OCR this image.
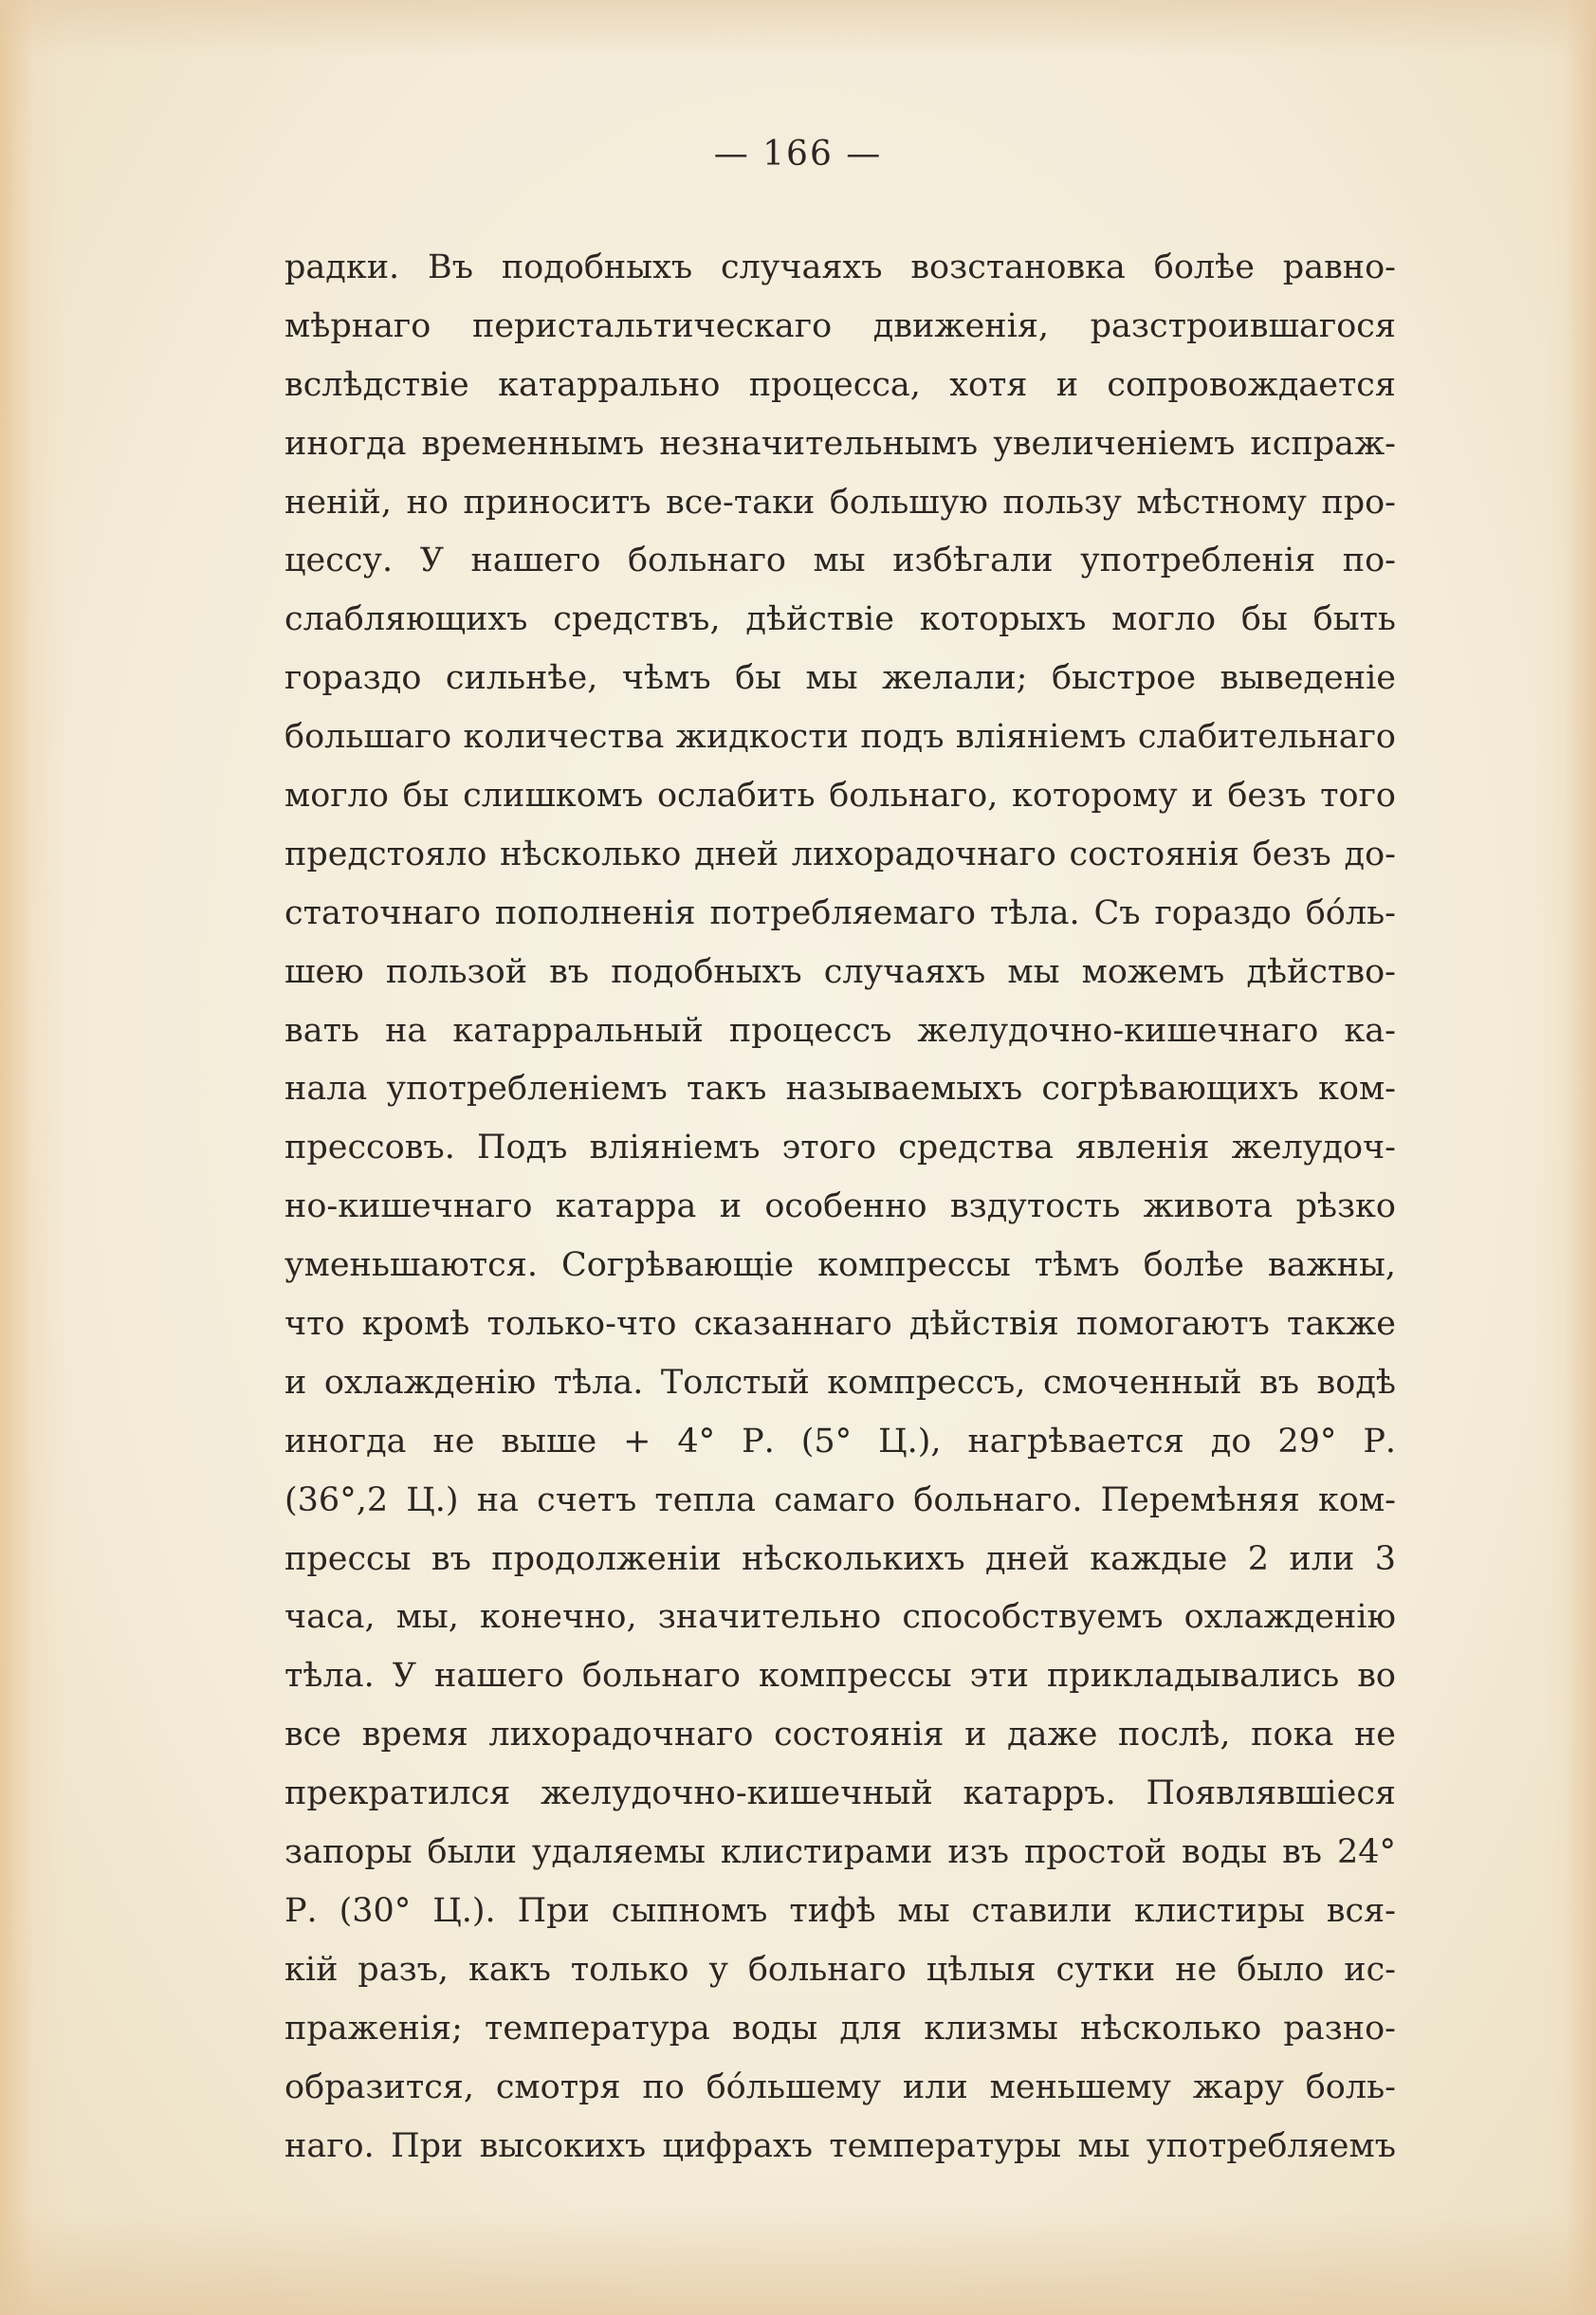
— 166 —
радки. Въ подобныхъ случаяхъ возстановка болѣе равно-
мѣрнаго перистальтическаго движенія, разстроившагося
вслѣдствіе катаррально процесса, хотя и сопровождается
иногда временнымъ незначительнымъ увеличеніемъ испраж-
неній, но приноситъ все-таки большую пользу мѣстному про-
цессу. У нашего больнаго мы избѣгали употребленія по-
слабляющихъ средствъ, дѣйствіе которыхъ могло бы быть
гораздо сильнѣе, чѣмъ бы мы желали; быстрое выведеніе
большаго количества жидкости подъ вліяніемъ слабительнаго
могло бы слишкомъ ослабить больнаго, которому и безъ того
предстояло нѣсколько дней лихорадочнаго состоянія безъ до-
статочнаго пополненія потребляемаго тѣла. Съ гораздо бóль-
шею пользой въ подобныхъ случаяхъ мы можемъ дѣйство-
вать на катарральный процессъ желудочно-кишечнаго ка-
нала употребленіемъ такъ называемыхъ согрѣвающихъ ком-
прессовъ. Подъ вліяніемъ этого средства явленія желудоч-
но-кишечнаго катарра и особенно вздутость живота рѣзко
уменьшаются. Согрѣвающіе компрессы тѣмъ болѣе важны,
что кромѣ только-что сказаннаго дѣйствія помогаютъ также
и охлажденію тѣла. Толстый компрессъ, смоченный въ водѣ
иногда не выше + 4° Р. (5° Ц.), нагрѣвается до 29° Р.
(36°,2 Ц.) на счетъ тепла самаго больнаго. Перемѣняя ком-
прессы въ продолженіи нѣсколькихъ дней каждые 2 или 3
часа, мы, конечно, значительно способствуемъ охлажденію
тѣла. У нашего больнаго компрессы эти прикладывались во
все время лихорадочнаго состоянія и даже послѣ, пока не
прекратился желудочно-кишечный катарръ. Появлявшіеся
запоры были удаляемы клистирами изъ простой воды въ 24°
Р. (30° Ц.). При сыпномъ тифѣ мы ставили клистиры вся-
кій разъ, какъ только у больнаго цѣлыя сутки не было ис-
праженія; температура воды для клизмы нѣсколько разно-
образится, смотря по бóльшему или меньшему жару боль-
наго. При высокихъ цифрахъ температуры мы употребляемъ
